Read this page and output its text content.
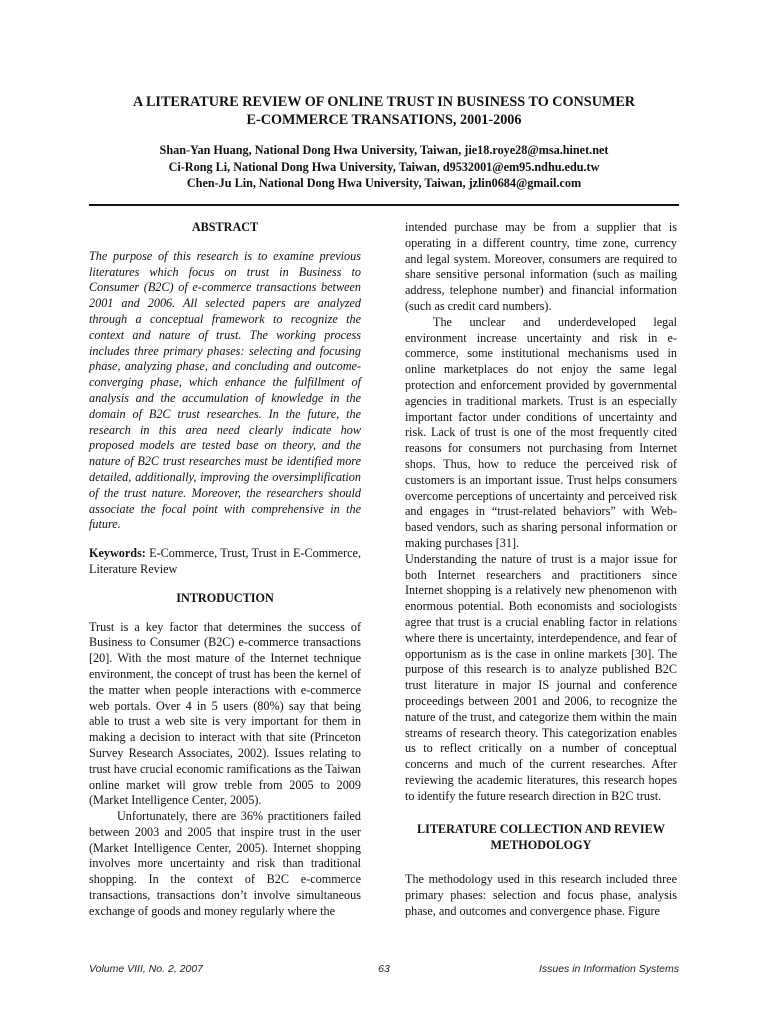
A LITERATURE REVIEW OF ONLINE TRUST IN BUSINESS TO CONSUMER
E-COMMERCE TRANSATIONS, 2001-2006
Shan-Yan Huang, National Dong Hwa University, Taiwan, jie18.roye28@msa.hinet.net
Ci-Rong Li, National Dong Hwa University, Taiwan, d9532001@em95.ndhu.edu.tw
Chen-Ju Lin, National Dong Hwa University, Taiwan, jzlin0684@gmail.com

ABSTRACT

The purpose of this research is to examine previous literatures which focus on trust in Business to Consumer (B2C) of e-commerce transactions between 2001 and 2006. All selected papers are analyzed through a conceptual framework to recognize the context and nature of trust. The working process includes three primary phases: selecting and focusing phase, analyzing phase, and concluding and outcome-converging phase, which enhance the fulfillment of analysis and the accumulation of knowledge in the domain of B2C trust researches. In the future, the research in this area need clearly indicate how proposed models are tested base on theory, and the nature of B2C trust researches must be identified more detailed, additionally, improving the oversimplification of the trust nature. Moreover, the researchers should associate the focal point with comprehensive in the future.

Keywords: E-Commerce, Trust, Trust in E-Commerce, Literature Review

INTRODUCTION

Trust is a key factor that determines the success of Business to Consumer (B2C) e-commerce transactions [20]. With the most mature of the Internet technique environment, the concept of trust has been the kernel of the matter when people interactions with e-commerce web portals. Over 4 in 5 users (80%) say that being able to trust a web site is very important for them in making a decision to interact with that site (Princeton Survey Research Associates, 2002). Issues relating to trust have crucial economic ramifications as the Taiwan online market will grow treble from 2005 to 2009 (Market Intelligence Center, 2005).

Unfortunately, there are 36% practitioners failed between 2003 and 2005 that inspire trust in the user (Market Intelligence Center, 2005). Internet shopping involves more uncertainty and risk than traditional shopping. In the context of B2C e-commerce transactions, transactions don’t involve simultaneous exchange of goods and money regularly where the

intended purchase may be from a supplier that is operating in a different country, time zone, currency and legal system. Moreover, consumers are required to share sensitive personal information (such as mailing address, telephone number) and financial information (such as credit card numbers).

The unclear and underdeveloped legal environment increase uncertainty and risk in e-commerce, some institutional mechanisms used in online marketplaces do not enjoy the same legal protection and enforcement provided by governmental agencies in traditional markets. Trust is an especially important factor under conditions of uncertainty and risk. Lack of trust is one of the most frequently cited reasons for consumers not purchasing from Internet shops. Thus, how to reduce the perceived risk of customers is an important issue. Trust helps consumers overcome perceptions of uncertainty and perceived risk and engages in “trust-related behaviors” with Web-based vendors, such as sharing personal information or making purchases [31].

Understanding the nature of trust is a major issue for both Internet researchers and practitioners since Internet shopping is a relatively new phenomenon with enormous potential. Both economists and sociologists agree that trust is a crucial enabling factor in relations where there is uncertainty, interdependence, and fear of opportunism as is the case in online markets [30]. The purpose of this research is to analyze published B2C trust literature in major IS journal and conference proceedings between 2001 and 2006, to recognize the nature of the trust, and categorize them within the main streams of research theory. This categorization enables us to reflect critically on a number of conceptual concerns and much of the current researches. After reviewing the academic literatures, this research hopes to identify the future research direction in B2C trust.

LITERATURE COLLECTION AND REVIEW
METHODOLOGY

The methodology used in this research included three primary phases: selection and focus phase, analysis phase, and outcomes and convergence phase. Figure

Volume VIII, No. 2, 2007	63	Issues in Information Systems
